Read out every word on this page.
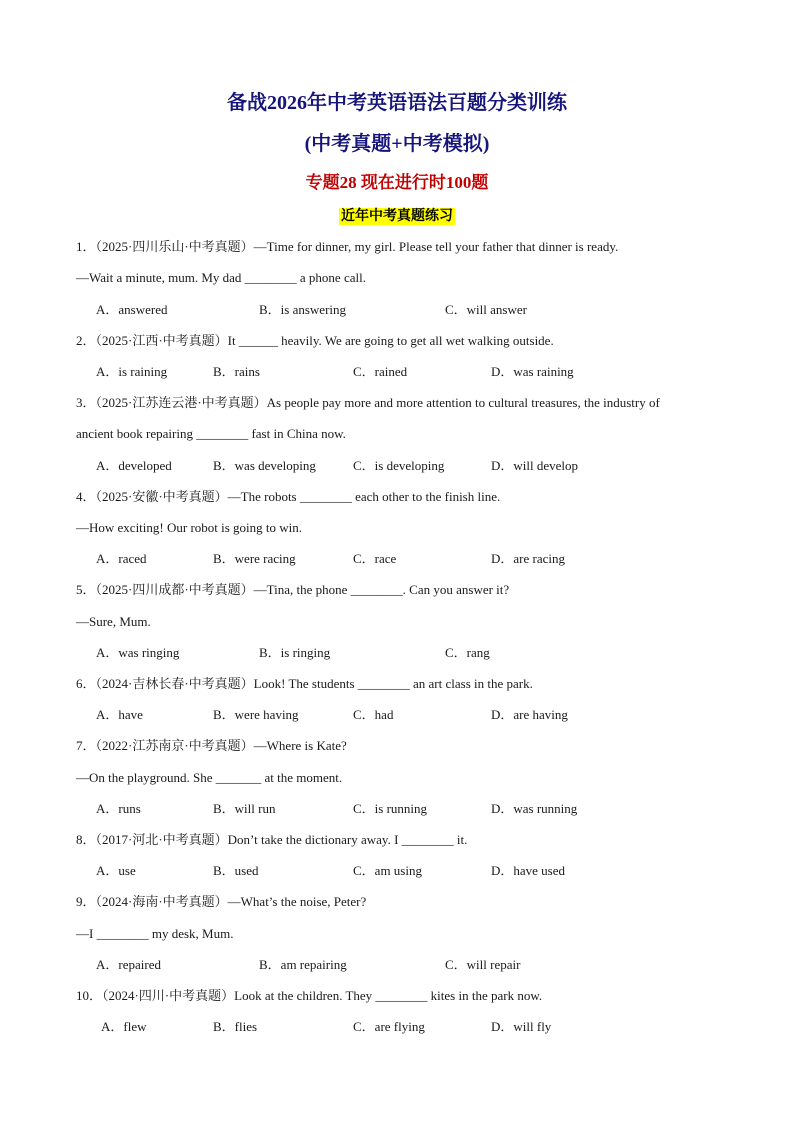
备战2026年中考英语语法百题分类训练
(中考真题+中考模拟)
专题28 现在进行时100题
近年中考真题练习
1．（2025·四川乐山·中考真题）—Time for dinner, my girl. Please tell your father that dinner is ready.
—Wait a minute, mum. My dad ________ a phone call.
A．answered	B．is answering	C．will answer
2．（2025·江西·中考真题）It ______ heavily. We are going to get all wet walking outside.
A．is raining	B．rains	C．rained	D．was raining
3．（2025·江苏连云港·中考真题）As people pay more and more attention to cultural treasures, the industry of
ancient book repairing ________ fast in China now.
A．developed	B．was developing	C．is developing	D．will develop
4．（2025·安徽·中考真题）—The robots ________ each other to the finish line.
—How exciting! Our robot is going to win.
A．raced	B．were racing	C．race	D．are racing
5．（2025·四川成都·中考真题）—Tina, the phone ________. Can you answer it?
—Sure, Mum.
A．was ringing	B．is ringing	C．rang
6．（2024·吉林长春·中考真题）Look! The students ________ an art class in the park.
A．have	B．were having	C．had	D．are having
7．（2022·江苏南京·中考真题）—Where is Kate?
—On the playground. She _______ at the moment.
A．runs	B．will run	C．is running	D．was running
8．（2017·河北·中考真题）Don’t take the dictionary away. I ________ it.
A．use	B．used	C．am using	D．have used
9．（2024·海南·中考真题）—What’s the noise, Peter?
—I ________ my desk, Mum.
A．repaired	B．am repairing	C．will repair
10．（2024·四川·中考真题）Look at the children. They ________ kites in the park now.
A．flew	B．flies	C．are flying	D．will fly
